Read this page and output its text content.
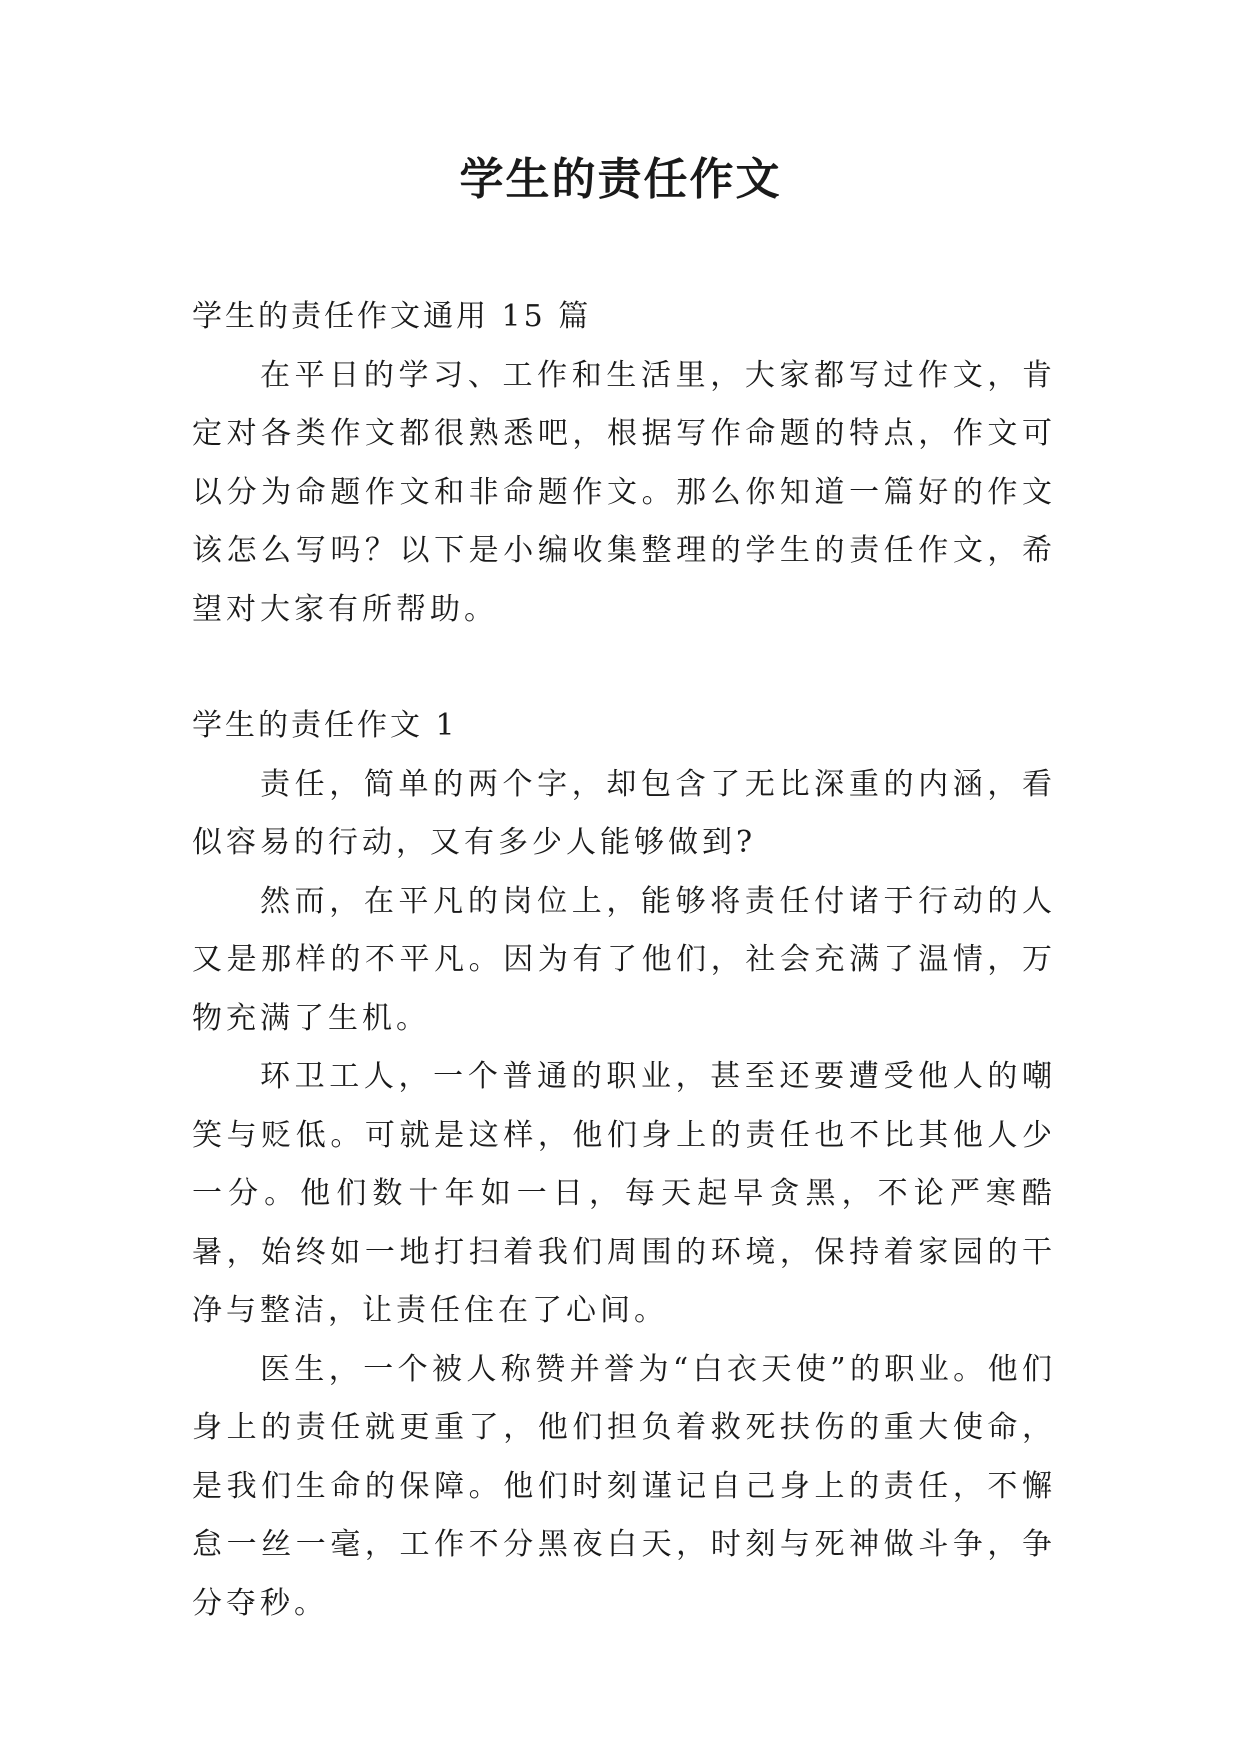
学生的责任作文

学生的责任作文通用 15 篇

在平日的学习、工作和生活里，大家都写过作文，肯定对各类作文都很熟悉吧，根据写作命题的特点，作文可以分为命题作文和非命题作文。那么你知道一篇好的作文该怎么写吗？以下是小编收集整理的学生的责任作文，希望对大家有所帮助。

学生的责任作文 1

责任，简单的两个字，却包含了无比深重的内涵，看似容易的行动，又有多少人能够做到?

然而，在平凡的岗位上，能够将责任付诸于行动的人又是那样的不平凡。因为有了他们，社会充满了温情，万物充满了生机。

环卫工人，一个普通的职业，甚至还要遭受他人的嘲笑与贬低。可就是这样，他们身上的责任也不比其他人少一分。他们数十年如一日，每天起早贪黑，不论严寒酷暑，始终如一地打扫着我们周围的环境，保持着家园的干净与整洁，让责任住在了心间。

医生，一个被人称赞并誉为“白衣天使”的职业。他们身上的责任就更重了，他们担负着救死扶伤的重大使命，是我们生命的保障。他们时刻谨记自己身上的责任，不懈怠一丝一毫，工作不分黑夜白天，时刻与死神做斗争，争分夺秒。
